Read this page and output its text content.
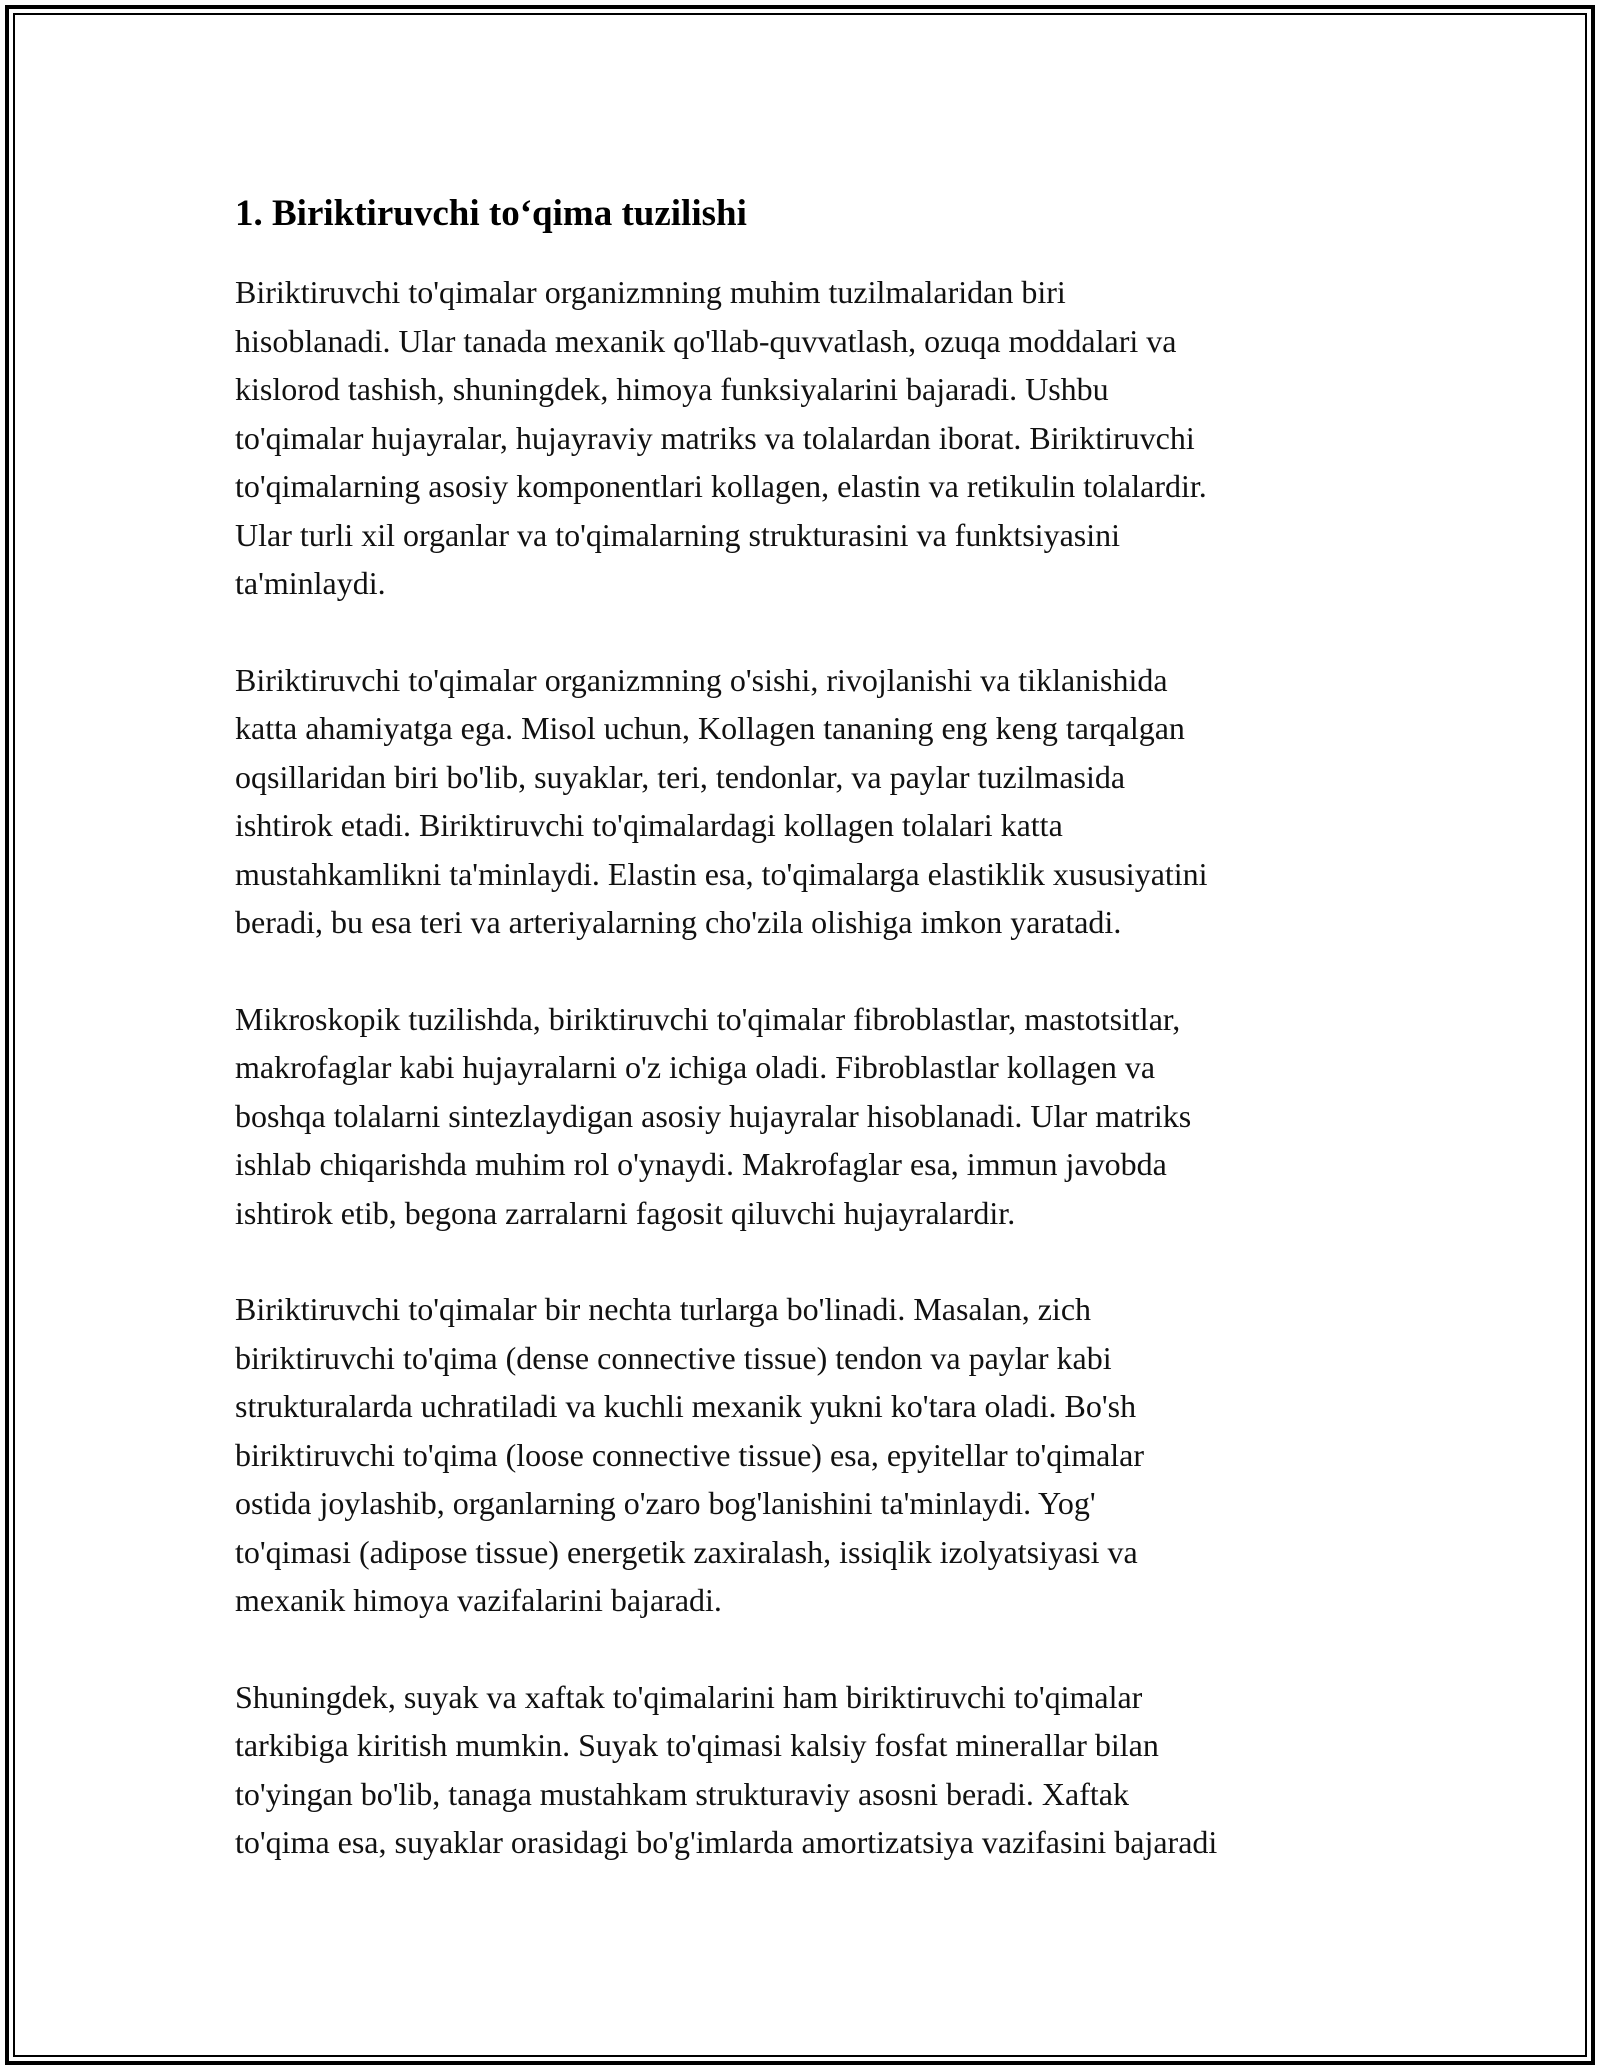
1. Biriktiruvchi to‘qima tuzilishi

Biriktiruvchi to'qimalar organizmning muhim tuzilmalaridan biri
hisoblanadi. Ular tanada mexanik qo'llab-quvvatlash, ozuqa moddalari va
kislorod tashish, shuningdek, himoya funksiyalarini bajaradi. Ushbu
to'qimalar hujayralar, hujayraviy matriks va tolalardan iborat. Biriktiruvchi
to'qimalarning asosiy komponentlari kollagen, elastin va retikulin tolalardir.
Ular turli xil organlar va to'qimalarning strukturasini va funktsiyasini
ta'minlaydi.

Biriktiruvchi to'qimalar organizmning o'sishi, rivojlanishi va tiklanishida
katta ahamiyatga ega. Misol uchun, Kollagen tananing eng keng tarqalgan
oqsillaridan biri bo'lib, suyaklar, teri, tendonlar, va paylar tuzilmasida
ishtirok etadi. Biriktiruvchi to'qimalardagi kollagen tolalari katta
mustahkamlikni ta'minlaydi. Elastin esa, to'qimalarga elastiklik xususiyatini
beradi, bu esa teri va arteriyalarning cho'zila olishiga imkon yaratadi.

Mikroskopik tuzilishda, biriktiruvchi to'qimalar fibroblastlar, mastotsitlar,
makrofaglar kabi hujayralarni o'z ichiga oladi. Fibroblastlar kollagen va
boshqa tolalarni sintezlaydigan asosiy hujayralar hisoblanadi. Ular matriks
ishlab chiqarishda muhim rol o'ynaydi. Makrofaglar esa, immun javobda
ishtirok etib, begona zarralarni fagosit qiluvchi hujayralardir.

Biriktiruvchi to'qimalar bir nechta turlarga bo'linadi. Masalan, zich
biriktiruvchi to'qima (dense connective tissue) tendon va paylar kabi
strukturalarda uchratiladi va kuchli mexanik yukni ko'tara oladi. Bo'sh
biriktiruvchi to'qima (loose connective tissue) esa, epyitellar to'qimalar
ostida joylashib, organlarning o'zaro bog'lanishini ta'minlaydi. Yog'
to'qimasi (adipose tissue) energetik zaxiralash, issiqlik izolyatsiyasi va
mexanik himoya vazifalarini bajaradi.

Shuningdek, suyak va xaftak to'qimalarini ham biriktiruvchi to'qimalar
tarkibiga kiritish mumkin. Suyak to'qimasi kalsiy fosfat minerallar bilan
to'yingan bo'lib, tanaga mustahkam strukturaviy asosni beradi. Xaftak
to'qima esa, suyaklar orasidagi bo'g'imlarda amortizatsiya vazifasini bajaradi
